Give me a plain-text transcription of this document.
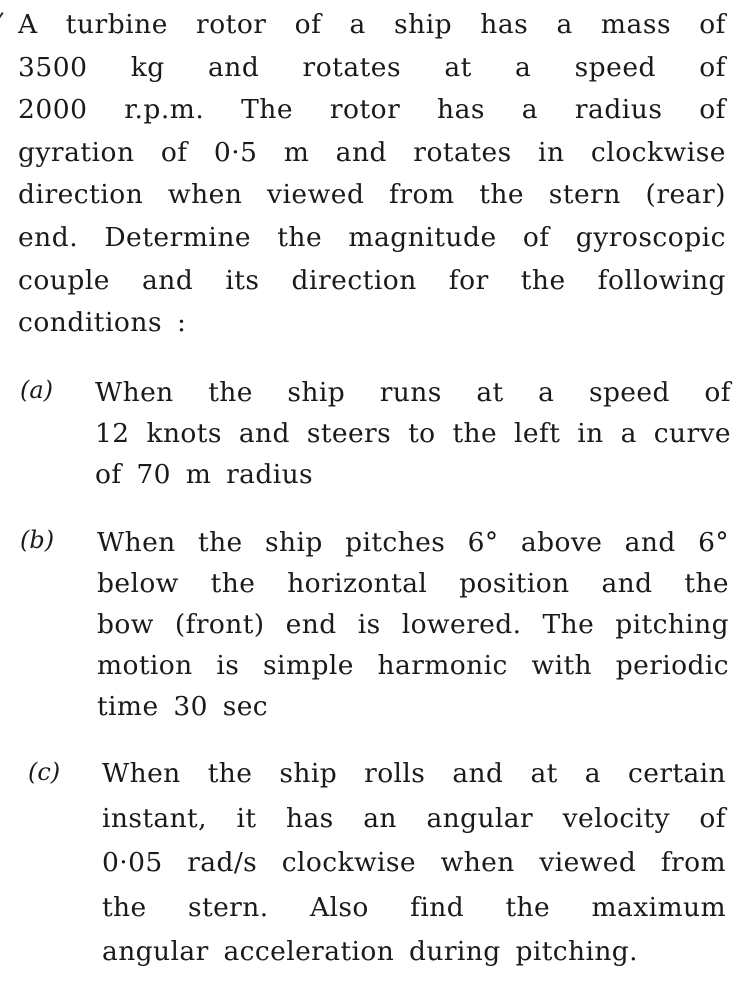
A turbine rotor of a ship has a mass of
3500 kg and rotates at a speed of
2000 r.p.m. The rotor has a radius of
gyration of 0·5 m and rotates in clockwise
direction when viewed from the stern (rear)
end. Determine the magnitude of gyroscopic
couple and its direction for the following
conditions :
(a) When the ship runs at a speed of
12 knots and steers to the left in a curve
of 70 m radius
(b) When the ship pitches 6° above and 6°
below the horizontal position and the
bow (front) end is lowered. The pitching
motion is simple harmonic with periodic
time 30 sec
(c) When the ship rolls and at a certain
instant, it has an angular velocity of
0·05 rad/s clockwise when viewed from
the stern. Also find the maximum
angular acceleration during pitching.
